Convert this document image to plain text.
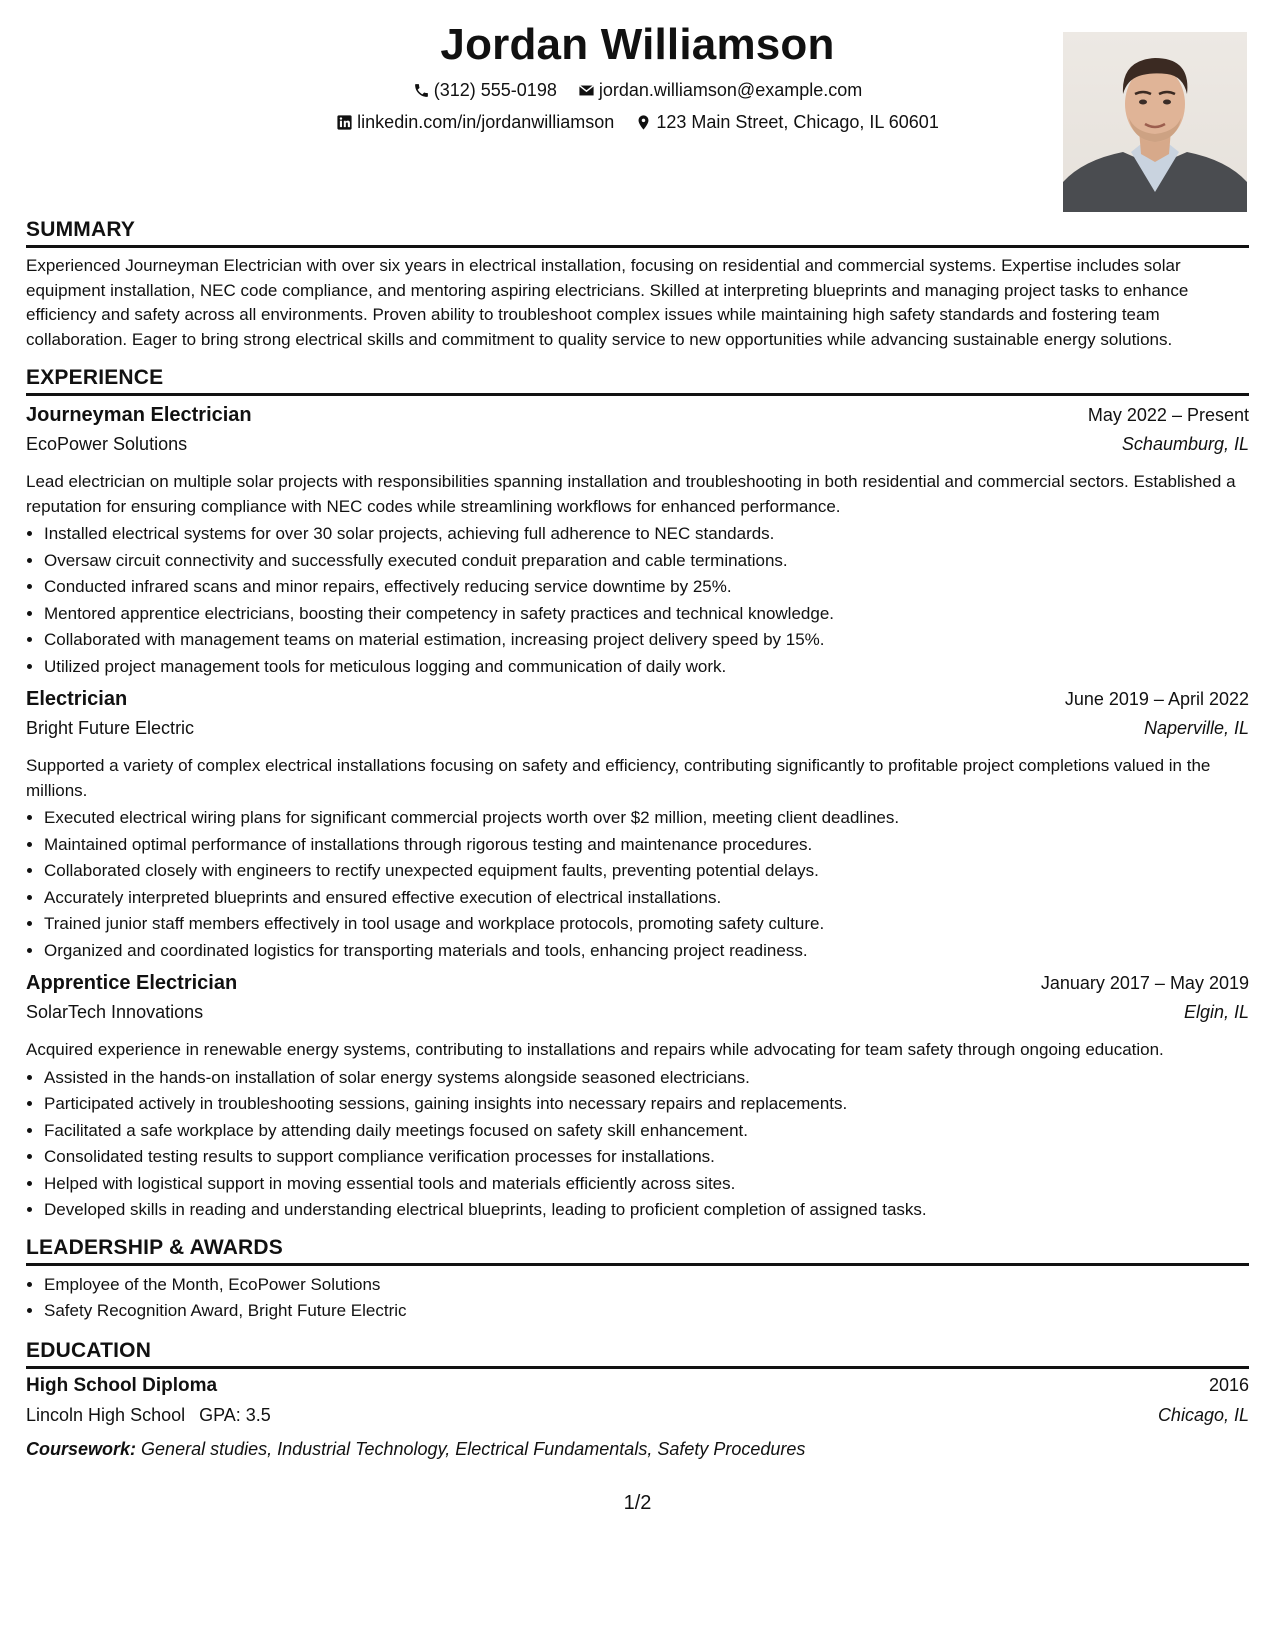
Jordan Williamson
(312) 555-0198
jordan.williamson@example.com
linkedin.com/in/jordanwilliamson
123 Main Street, Chicago, IL 60601
SUMMARY

Experienced Journeyman Electrician with over six years in electrical installation, focusing on residential and commercial systems. Expertise includes solar equipment installation, NEC code compliance, and mentoring aspiring electricians. Skilled at interpreting blueprints and managing project tasks to enhance efficiency and safety across all environments. Proven ability to troubleshoot complex issues while maintaining high safety standards and fostering team collaboration. Eager to bring strong electrical skills and commitment to quality service to new opportunities while advancing sustainable energy solutions.

EXPERIENCE
Journeyman Electrician	May 2022 – Present
EcoPower Solutions	Schaumburg, IL

Lead electrician on multiple solar projects with responsibilities spanning installation and troubleshooting in both residential and commercial sectors. Established a reputation for ensuring compliance with NEC codes while streamlining workflows for enhanced performance.

• Installed electrical systems for over 30 solar projects, achieving full adherence to NEC standards.
• Oversaw circuit connectivity and successfully executed conduit preparation and cable terminations.
• Conducted infrared scans and minor repairs, effectively reducing service downtime by 25%.
• Mentored apprentice electricians, boosting their competency in safety practices and technical knowledge.
• Collaborated with management teams on material estimation, increasing project delivery speed by 15%.
• Utilized project management tools for meticulous logging and communication of daily work.
Electrician	June 2019 – April 2022
Bright Future Electric	Naperville, IL

Supported a variety of complex electrical installations focusing on safety and efficiency, contributing significantly to profitable project completions valued in the millions.

• Executed electrical wiring plans for significant commercial projects worth over $2 million, meeting client deadlines.
• Maintained optimal performance of installations through rigorous testing and maintenance procedures.
• Collaborated closely with engineers to rectify unexpected equipment faults, preventing potential delays.
• Accurately interpreted blueprints and ensured effective execution of electrical installations.
• Trained junior staff members effectively in tool usage and workplace protocols, promoting safety culture.
• Organized and coordinated logistics for transporting materials and tools, enhancing project readiness.
Apprentice Electrician	January 2017 – May 2019
SolarTech Innovations	Elgin, IL

Acquired experience in renewable energy systems, contributing to installations and repairs while advocating for team safety through ongoing education.

• Assisted in the hands-on installation of solar energy systems alongside seasoned electricians.
• Participated actively in troubleshooting sessions, gaining insights into necessary repairs and replacements.
• Facilitated a safe workplace by attending daily meetings focused on safety skill enhancement.
• Consolidated testing results to support compliance verification processes for installations.
• Helped with logistical support in moving essential tools and materials efficiently across sites.
• Developed skills in reading and understanding electrical blueprints, leading to proficient completion of assigned tasks.
LEADERSHIP & AWARDS
• Employee of the Month, EcoPower Solutions
• Safety Recognition Award, Bright Future Electric
EDUCATION
High School Diploma	2016
Lincoln High School GPA: 3.5	Chicago, IL
Coursework: General studies, Industrial Technology, Electrical Fundamentals, Safety Procedures
1/2
